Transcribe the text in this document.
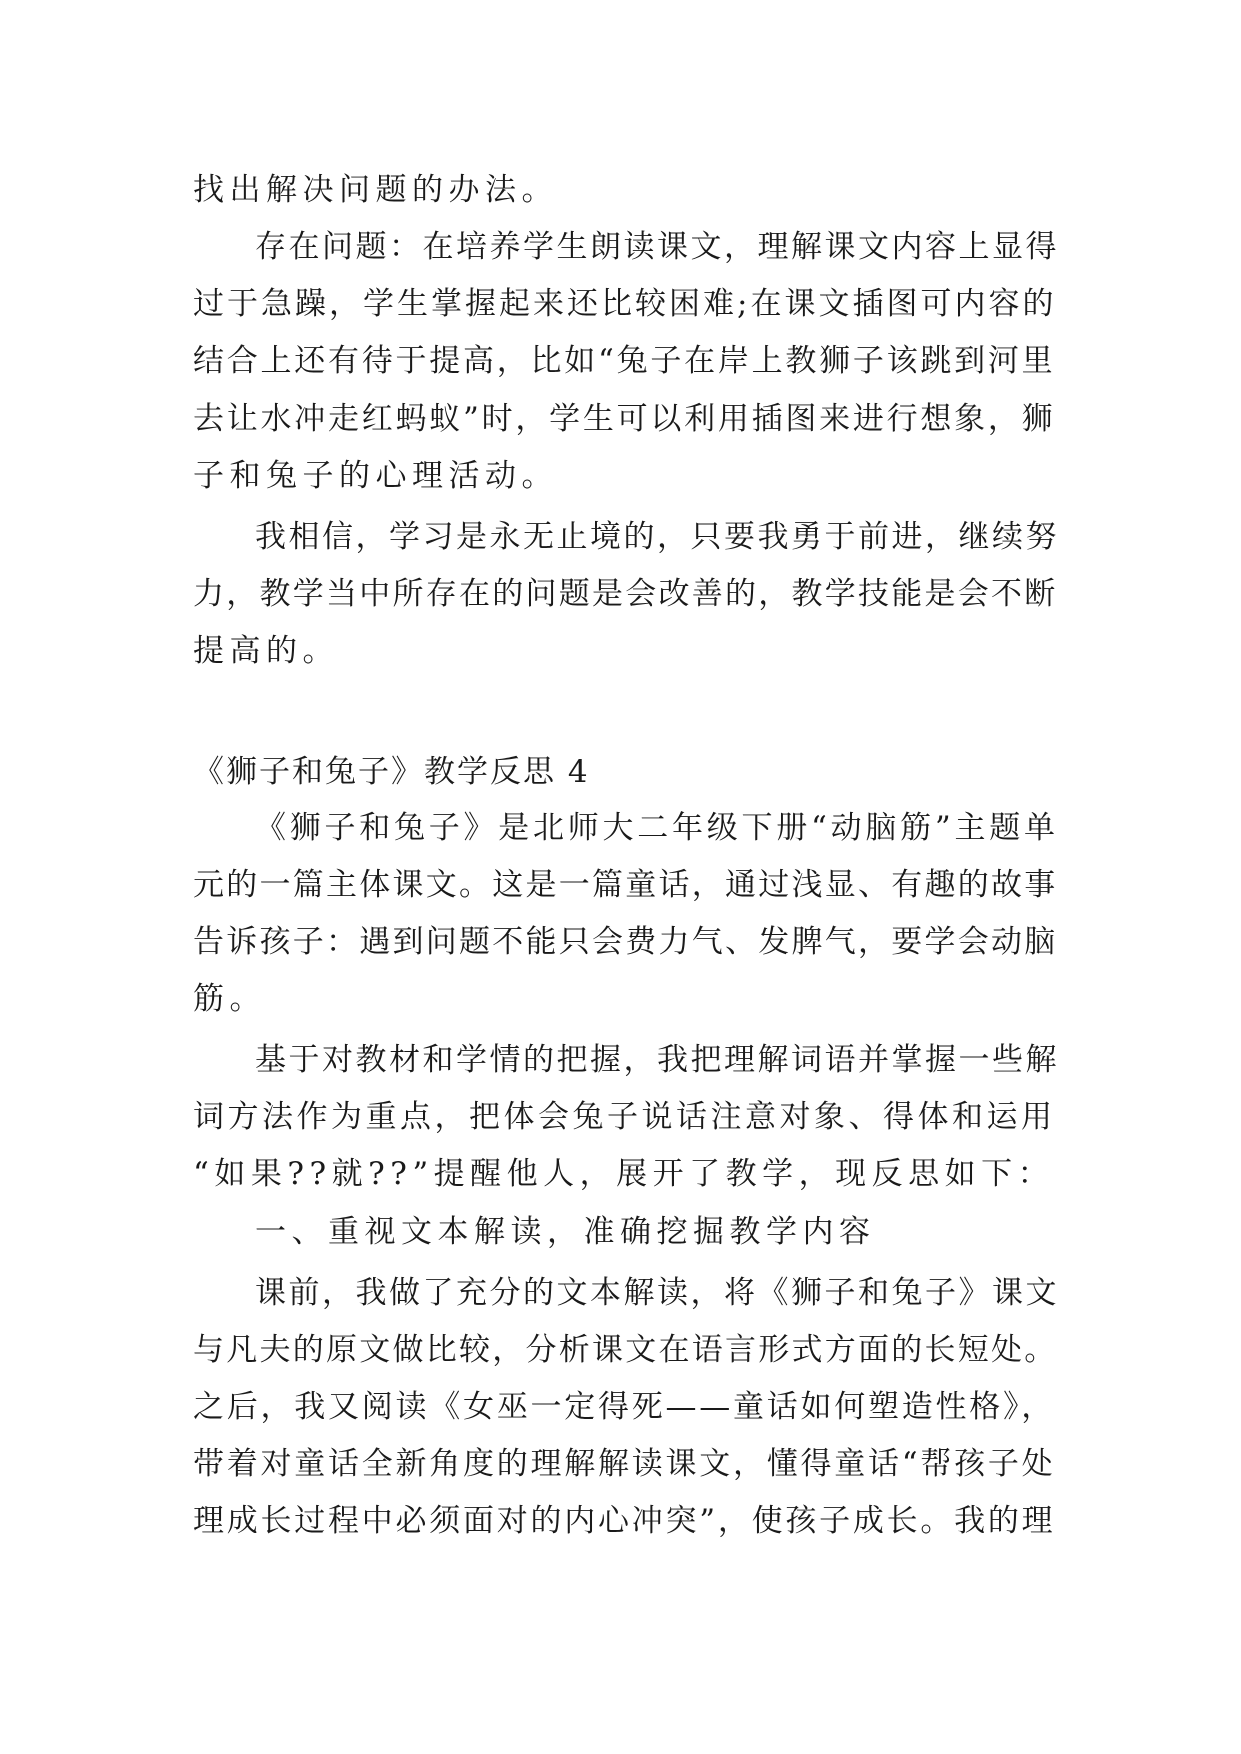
找出解决问题的办法。
存在问题：在培养学生朗读课文，理解课文内容上显得
过于急躁，学生掌握起来还比较困难;在课文插图可内容的
结合上还有待于提高，比如“兔子在岸上教狮子该跳到河里
去让水冲走红蚂蚁”时，学生可以利用插图来进行想象，狮
子和兔子的心理活动。
我相信，学习是永无止境的，只要我勇于前进，继续努
力，教学当中所存在的问题是会改善的，教学技能是会不断
提高的。
《狮子和兔子》教学反思 4
《狮子和兔子》是北师大二年级下册“动脑筋”主题单
元的一篇主体课文。这是一篇童话，通过浅显、有趣的故事
告诉孩子：遇到问题不能只会费力气、发脾气，要学会动脑
筋。
基于对教材和学情的把握，我把理解词语并掌握一些解
词方法作为重点，把体会兔子说话注意对象、得体和运用
“如果??就??”提醒他人，展开了教学，现反思如下：
一、重视文本解读，准确挖掘教学内容
课前，我做了充分的文本解读，将《狮子和兔子》课文
与凡夫的原文做比较，分析课文在语言形式方面的长短处。
之后，我又阅读《女巫一定得死——童话如何塑造性格》，
带着对童话全新角度的理解解读课文，懂得童话“帮孩子处
理成长过程中必须面对的内心冲突”，使孩子成长。我的理
